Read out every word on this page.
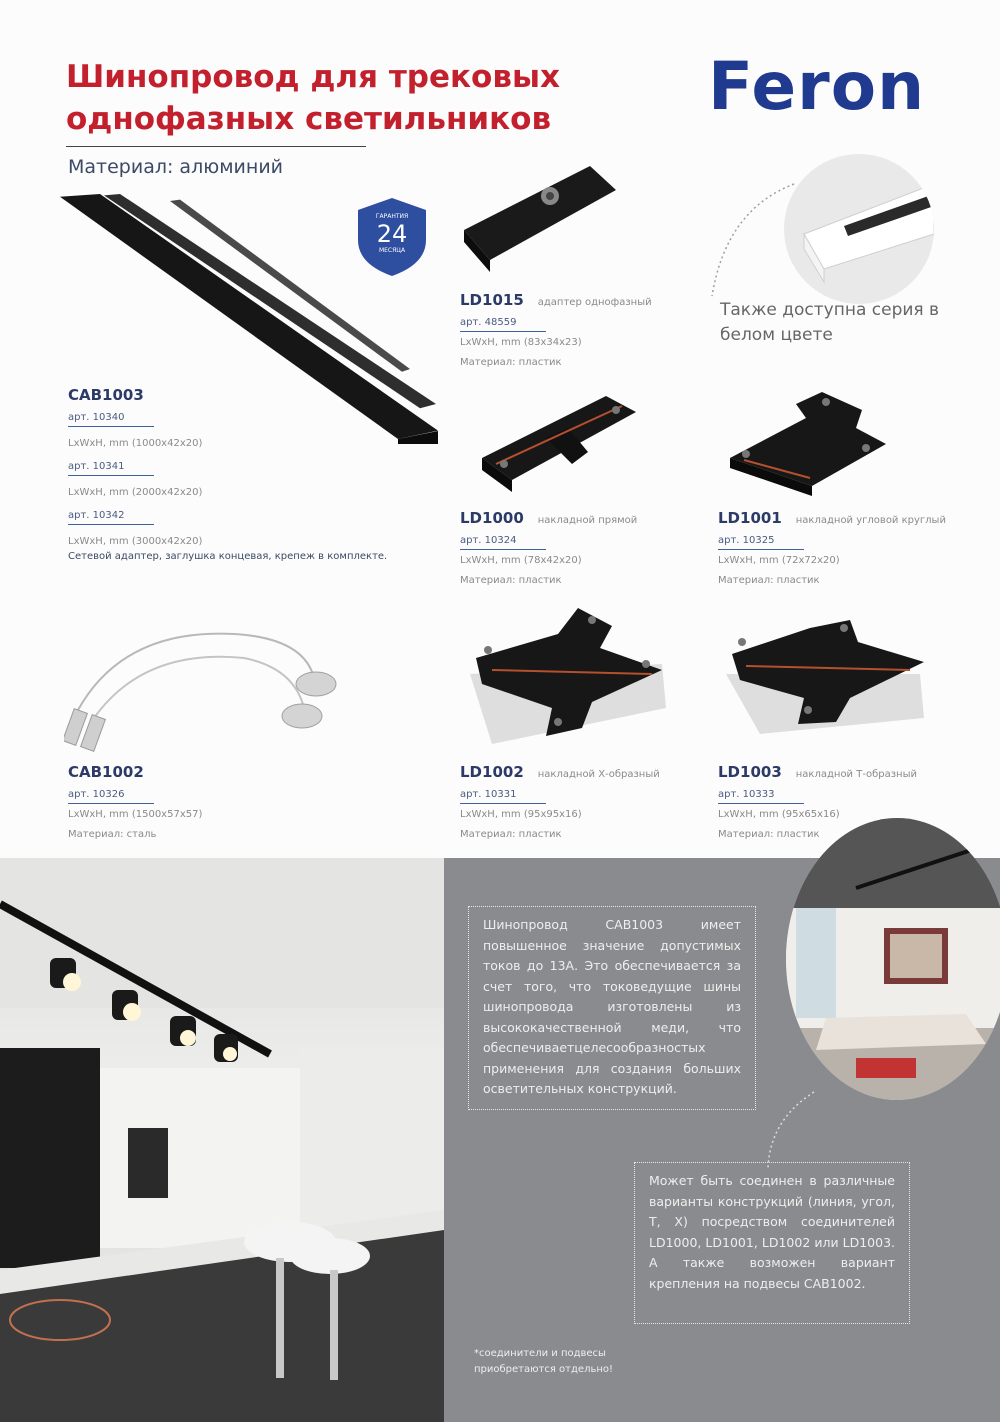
Шинопровод для трековых
однофазных светильников
Материал: алюминий
Feron
Также доступна серия в белом цвете
ГАРАНТИЯ
24
МЕСЯЦА
CAB1003
арт. 10340
LxWxH, mm (1000x42x20)
арт. 10341
LxWxH, mm (2000x42x20)
арт. 10342
LxWxH, mm (3000x42x20)
Сетевой адаптер, заглушка концевая, крепеж в комплекте.
LD1015 адаптер однофазный
арт. 48559
LxWxH, mm (83x34x23)
Материал: пластик
LD1000 накладной прямой
арт. 10324
LxWxH, mm (78x42x20)
Материал: пластик
LD1001 накладной угловой круглый
арт. 10325
LxWxH, mm (72x72x20)
Материал: пластик
CAB1002
арт. 10326
LxWxH, mm (1500x57x57)
Материал: сталь
LD1002 накладной Х-образный
арт. 10331
LxWxH, mm (95x95x16)
Материал: пластик
LD1003 накладной Т-образный
арт. 10333
LxWxH, mm (95x65x16)
Материал: пластик
Шинопровод CAB1003 имеет повышенное значение допустимых токов до 13А. Это обеспечивается за счет того, что токоведущие шины шинопровода изготовлены из высококачественной меди, что обеспечиваетцелесообразностых применения для создания больших осветительных конструкций.
Может быть соединен в различные варианты конструкций (линия, угол, Т, Х) посредством соединителей LD1000, LD1001, LD1002 или LD1003. А также возможен вариант крепления на подвесы CAB1002.
*соединители и подвесы
приобретаются отдельно!
